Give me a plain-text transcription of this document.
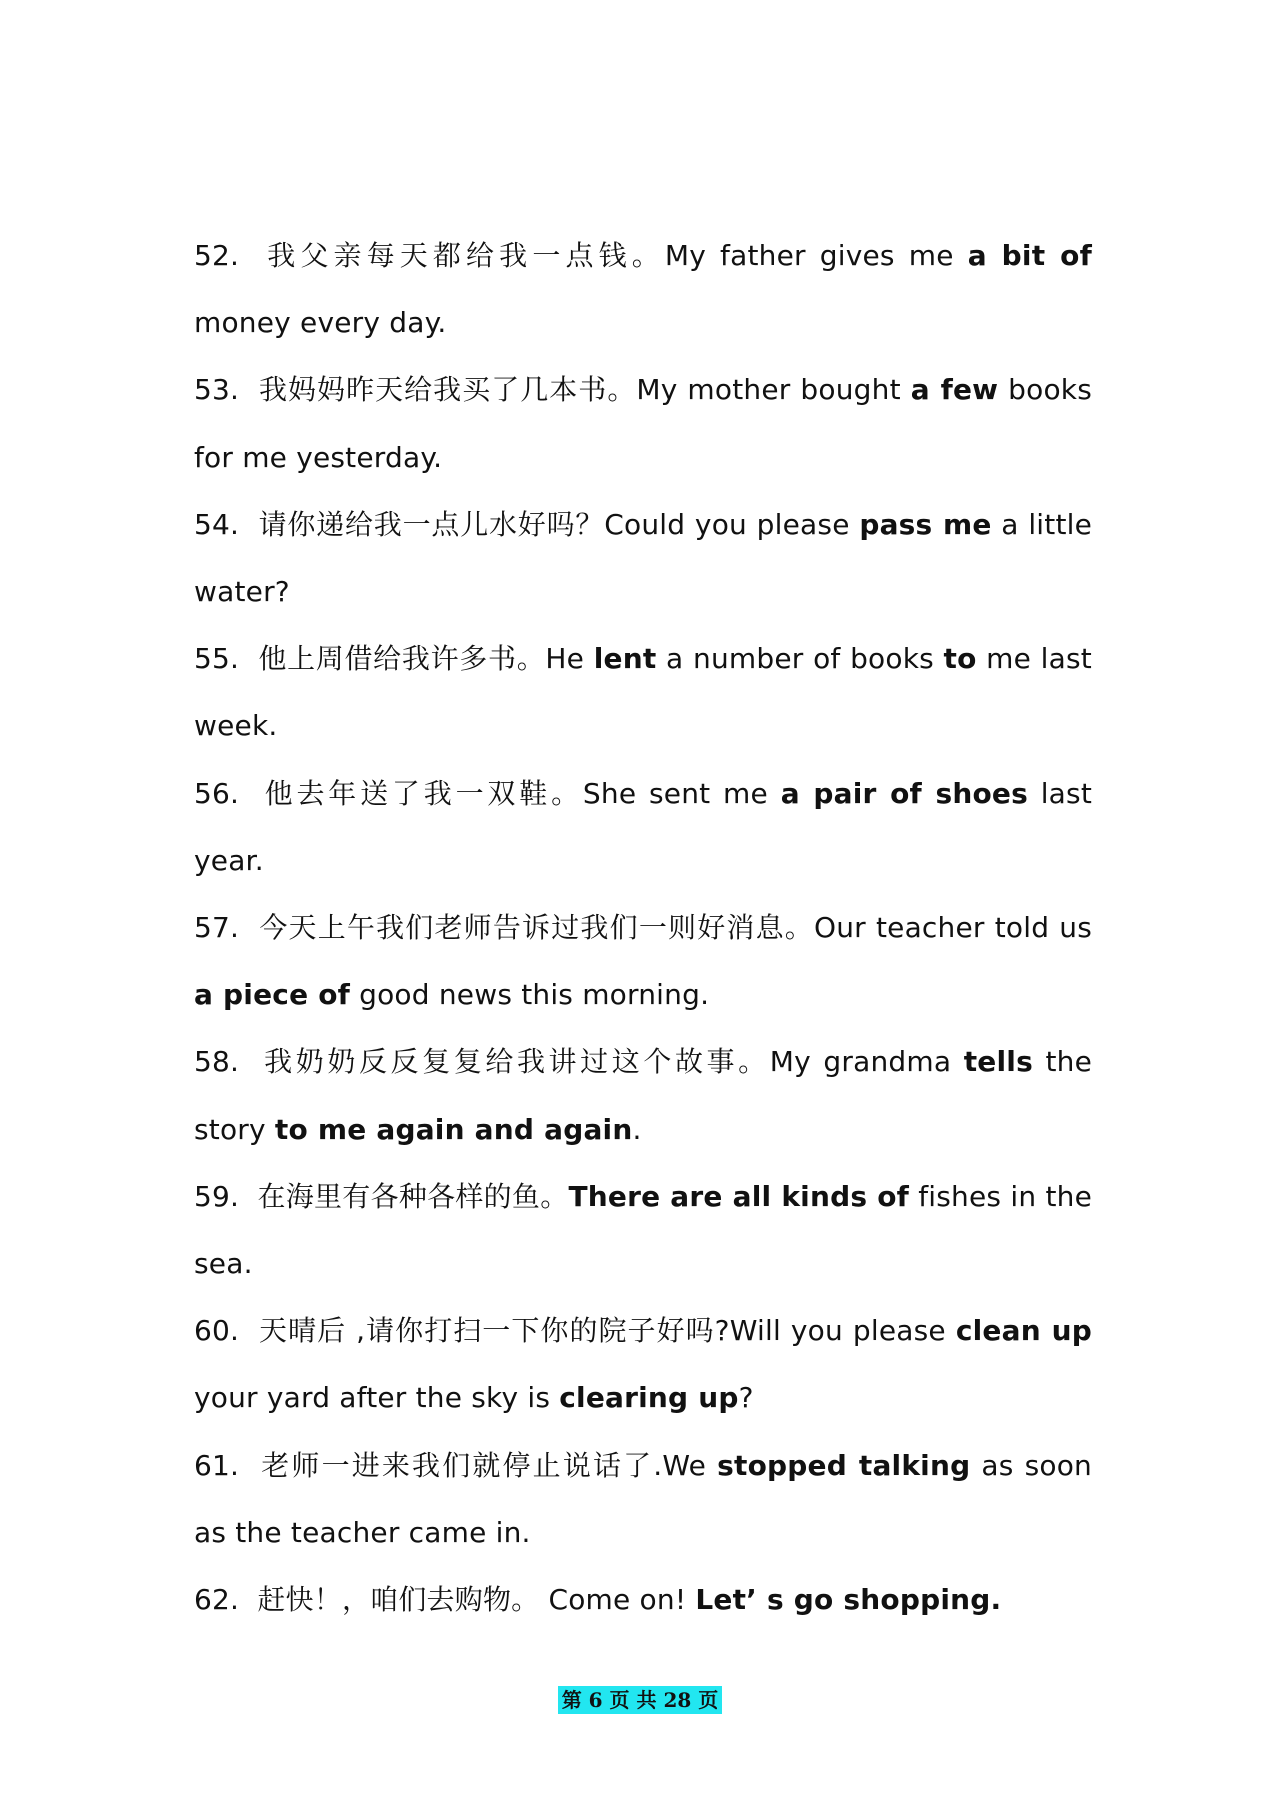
52. 我父亲每天都给我一点钱。My father gives me a bit of money every day.

53. 我妈妈昨天给我买了几本书。My mother bought a few books for me yesterday.

54. 请你递给我一点儿水好吗？Could you please pass me a little water?

55. 他上周借给我许多书。He lent a number of books to me last week.

56. 他去年送了我一双鞋。She sent me a pair of shoes last year.

57. 今天上午我们老师告诉过我们一则好消息。Our teacher told us a piece of good news this morning.

58. 我奶奶反反复复给我讲过这个故事。My grandma tells the story to me again and again.

59. 在海里有各种各样的鱼。There are all kinds of fishes in the sea.

60. 天晴后 ,请你打扫一下你的院子好吗?Will you please clean up your yard after the sky is clearing up?

61. 老师一进来我们就停止说话了.We stopped talking as soon as the teacher came in.

62. 赶快！，咱们去购物。 Come on! Let’ s go shopping.

第 6 页 共 28 页
